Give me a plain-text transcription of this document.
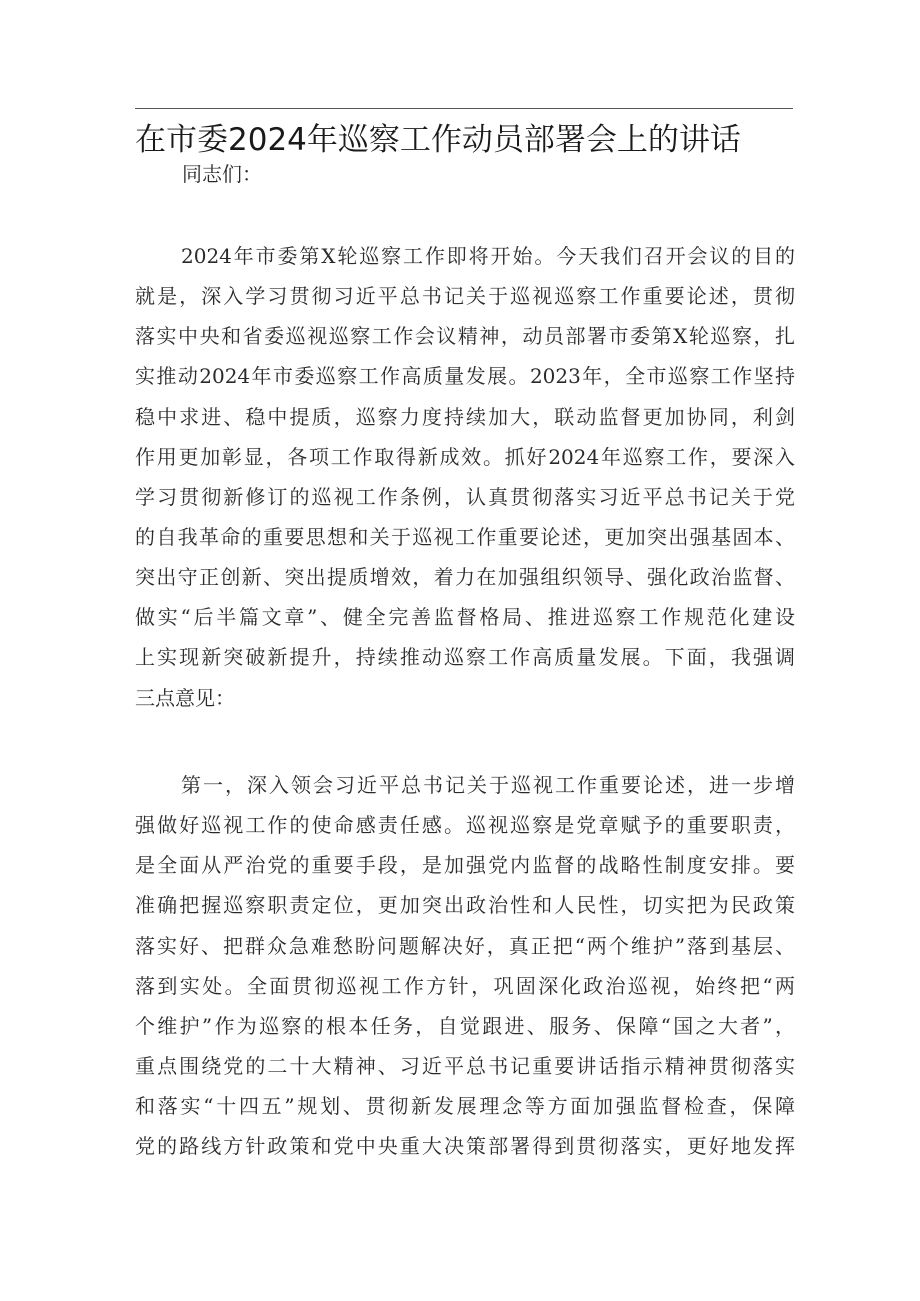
在市委2024年巡察工作动员部署会上的讲话

同志们：

2024年市委第X轮巡察工作即将开始。今天我们召开会议的目的
就是，深入学习贯彻习近平总书记关于巡视巡察工作重要论述，贯彻
落实中央和省委巡视巡察工作会议精神，动员部署市委第X轮巡察，扎
实推动2024年市委巡察工作高质量发展。2023年，全市巡察工作坚持
稳中求进、稳中提质，巡察力度持续加大，联动监督更加协同，利剑
作用更加彰显，各项工作取得新成效。抓好2024年巡察工作，要深入
学习贯彻新修订的巡视工作条例，认真贯彻落实习近平总书记关于党
的自我革命的重要思想和关于巡视工作重要论述，更加突出强基固本、
突出守正创新、突出提质增效，着力在加强组织领导、强化政治监督、
做实“后半篇文章”、健全完善监督格局、推进巡察工作规范化建设
上实现新突破新提升，持续推动巡察工作高质量发展。下面，我强调
三点意见：
第一，深入领会习近平总书记关于巡视工作重要论述，进一步增
强做好巡视工作的使命感责任感。巡视巡察是党章赋予的重要职责，
是全面从严治党的重要手段，是加强党内监督的战略性制度安排。要
准确把握巡察职责定位，更加突出政治性和人民性，切实把为民政策
落实好、把群众急难愁盼问题解决好，真正把“两个维护”落到基层、
落到实处。全面贯彻巡视工作方针，巩固深化政治巡视，始终把“两
个维护”作为巡察的根本任务，自觉跟进、服务、保障“国之大者”，
重点围绕党的二十大精神、习近平总书记重要讲话指示精神贯彻落实
和落实“十四五”规划、贯彻新发展理念等方面加强监督检查，保障
党的路线方针政策和党中央重大决策部署得到贯彻落实，更好地发挥
